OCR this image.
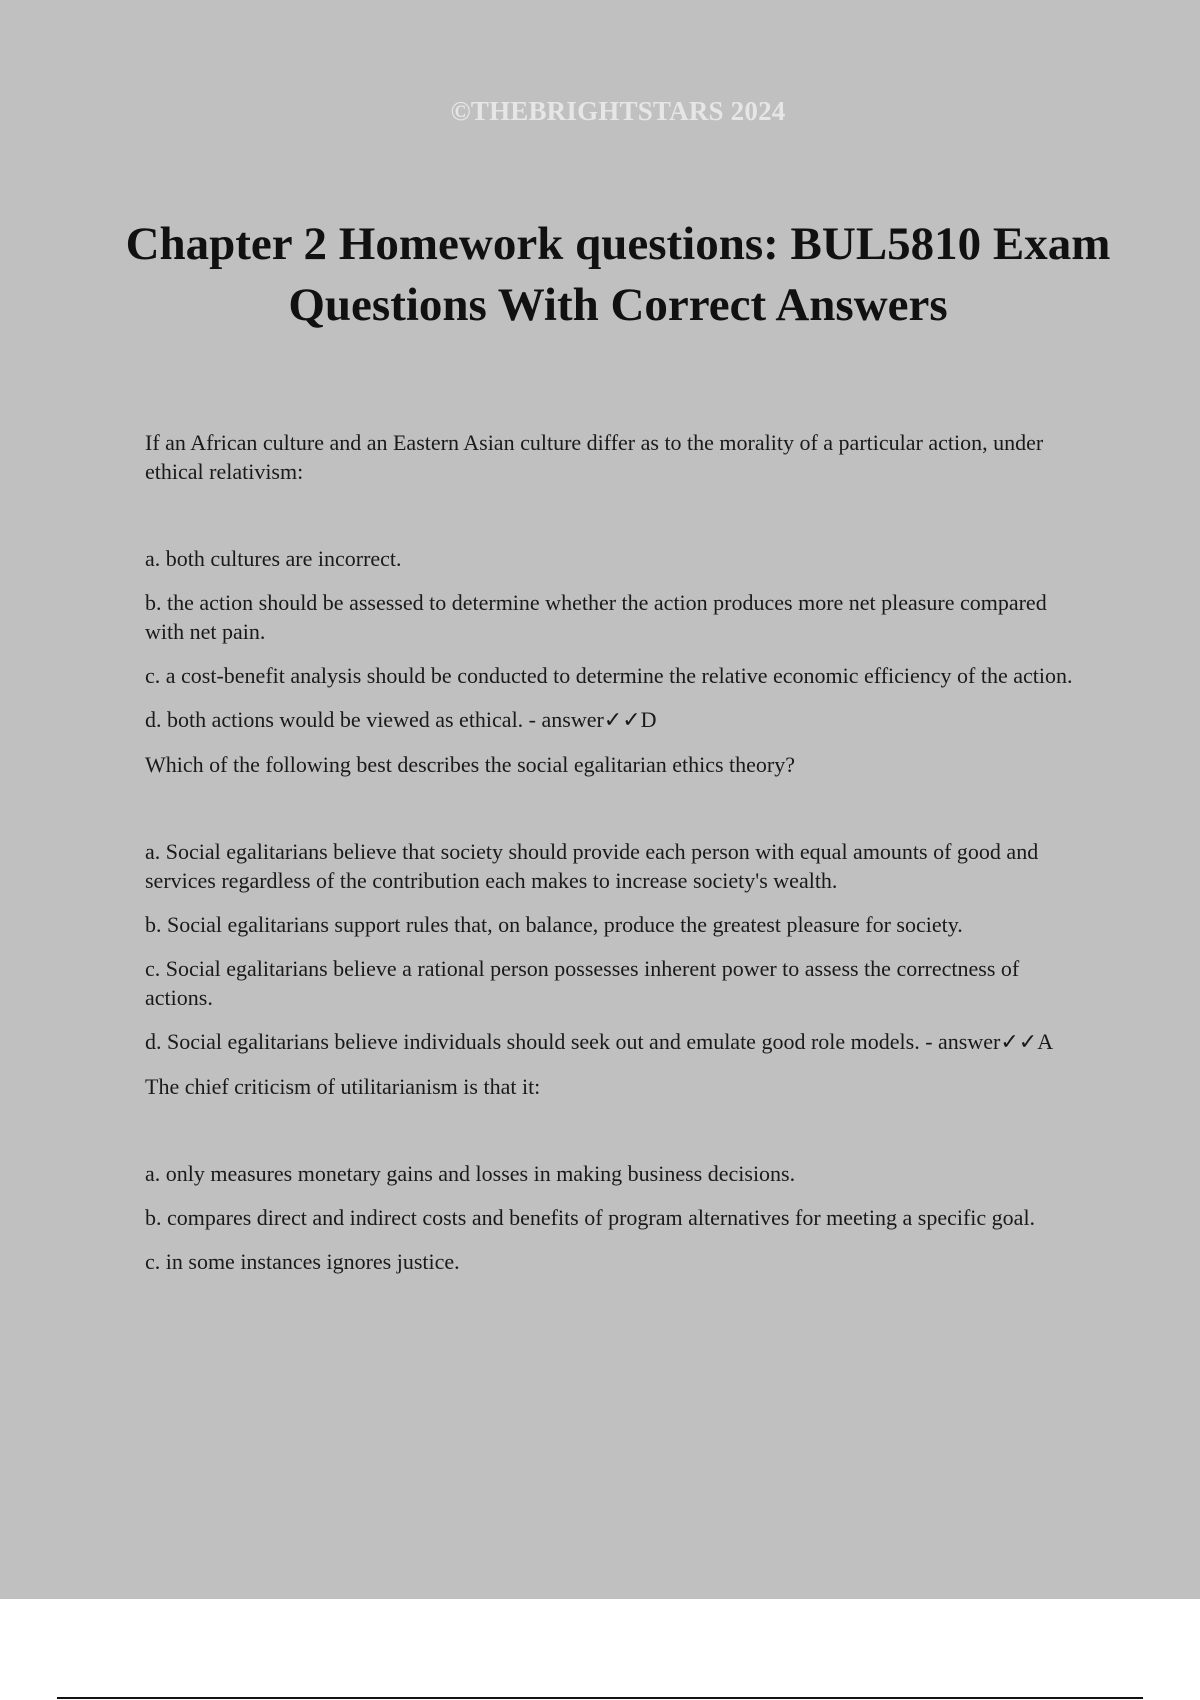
©THEBRIGHTSTARS 2024
Chapter 2 Homework questions: BUL5810 Exam Questions With Correct Answers

If an African culture and an Eastern Asian culture differ as to the morality of a particular action, under ethical relativism:

a. both cultures are incorrect.

b. the action should be assessed to determine whether the action produces more net pleasure compared with net pain.

c. a cost-benefit analysis should be conducted to determine the relative economic efficiency of the action.

d. both actions would be viewed as ethical. - answer✓✓D

Which of the following best describes the social egalitarian ethics theory?

a. Social egalitarians believe that society should provide each person with equal amounts of good and services regardless of the contribution each makes to increase society's wealth.

b. Social egalitarians support rules that, on balance, produce the greatest pleasure for society.

c. Social egalitarians believe a rational person possesses inherent power to assess the correctness of actions.

d. Social egalitarians believe individuals should seek out and emulate good role models. - answer✓✓A

The chief criticism of utilitarianism is that it:

a. only measures monetary gains and losses in making business decisions.

b. compares direct and indirect costs and benefits of program alternatives for meeting a specific goal.

c. in some instances ignores justice.
